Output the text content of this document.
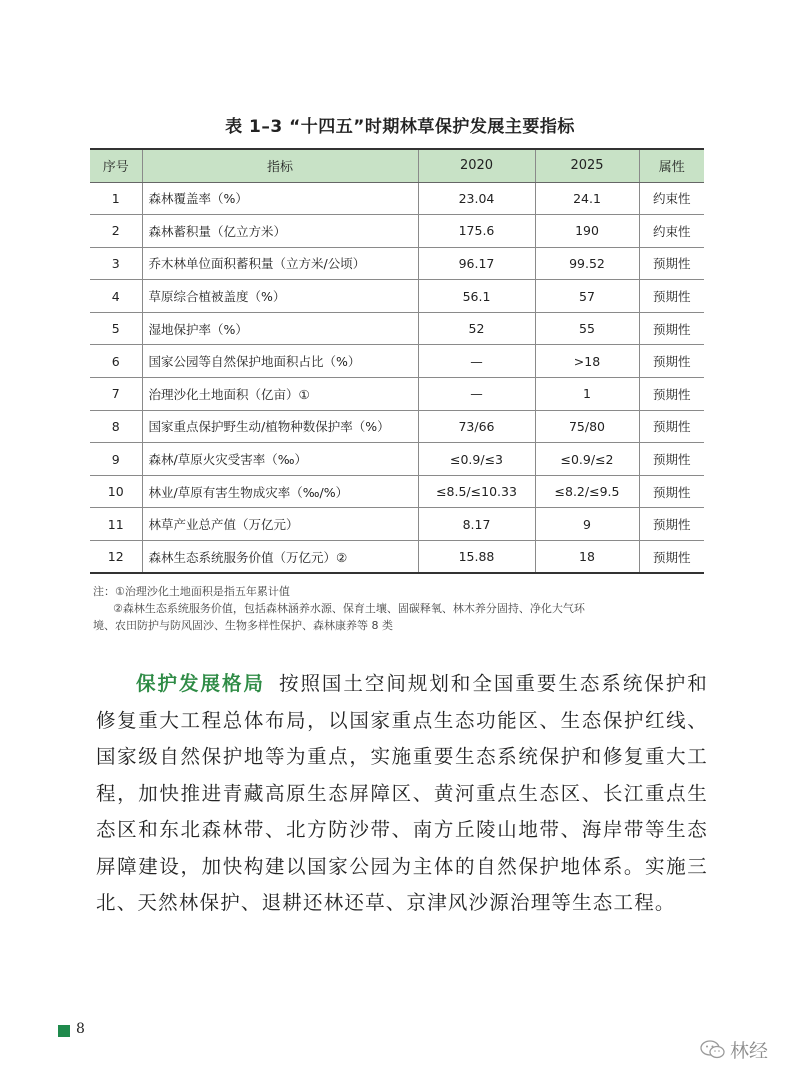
表 1–3 “十四五”时期林草保护发展主要指标
序号	指标	2020	2025	属性
1	森林覆盖率（%）	23.04	24.1	约束性
2	森林蓄积量（亿立方米）	175.6	190	约束性
3	乔木林单位面积蓄积量（立方米/公顷）	96.17	99.52	预期性
4	草原综合植被盖度（%）	56.1	57	预期性
5	湿地保护率（%）	52	55	预期性
6	国家公园等自然保护地面积占比（%）	—	>18	预期性
7	治理沙化土地面积（亿亩）①	—	1	预期性
8	国家重点保护野生动/植物种数保护率（%）	73/66	75/80	预期性
9	森林/草原火灾受害率（‰）	≤0.9/≤3	≤0.9/≤2	预期性
10	林业/草原有害生物成灾率（‰/%）	≤8.5/≤10.33	≤8.2/≤9.5	预期性
11	林草产业总产值（万亿元）	8.17	9	预期性
12	森林生态系统服务价值（万亿元）②	15.88	18	预期性
注：①治理沙化土地面积是指五年累计值
②森林生态系统服务价值，包括森林涵养水源、保育土壤、固碳释氧、林木养分固持、净化大气环
境、农田防护与防风固沙、生物多样性保护、森林康养等 8 类
保护发展格局 按照国土空间规划和全国重要生态系统保护和修复重大工程总体布局，以国家重点生态功能区、生态保护红线、国家级自然保护地等为重点，实施重要生态系统保护和修复重大工程，加快推进青藏高原生态屏障区、黄河重点生态区、长江重点生态区和东北森林带、北方防沙带、南方丘陵山地带、海岸带等生态屏障建设，加快构建以国家公园为主体的自然保护地体系。实施三北、天然林保护、退耕还林还草、京津风沙源治理等生态工程。
8
林经
